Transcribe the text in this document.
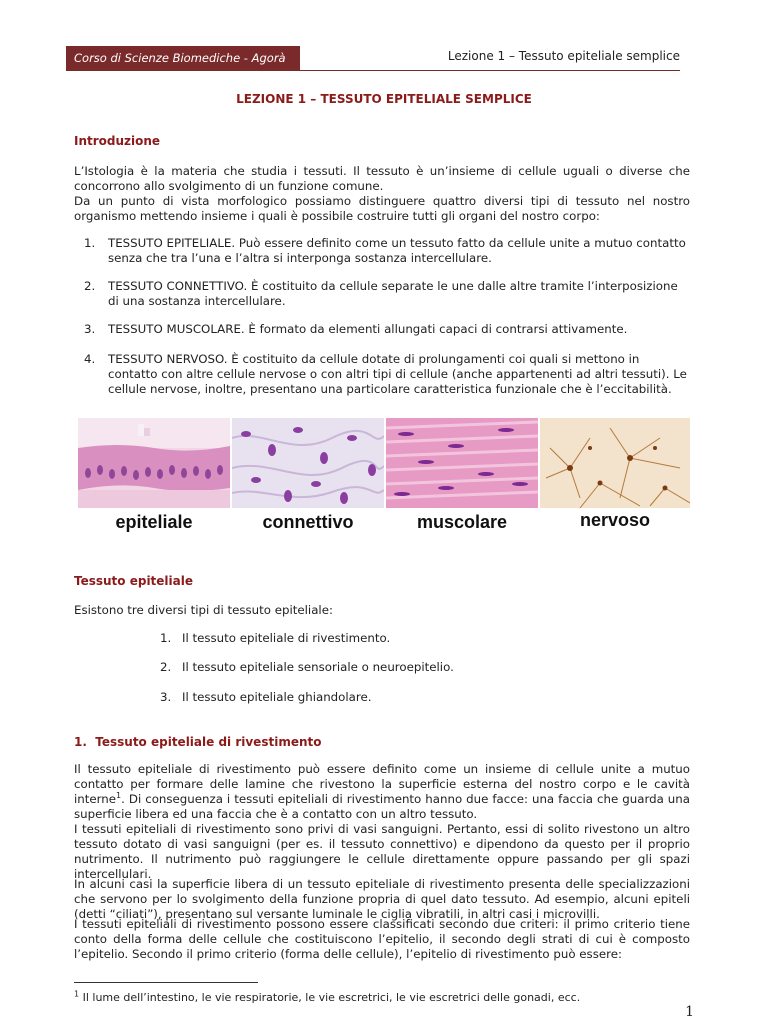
Corso di Scienze Biomediche - Agorà	Lezione 1 – Tessuto epiteliale semplice
LEZIONE 1 – TESSUTO EPITELIALE SEMPLICE
Introduzione

L’Istologia è la materia che studia i tessuti. Il tessuto è un’insieme di cellule uguali o diverse che concorrono allo svolgimento di un funzione comune.

Da un punto di vista morfologico possiamo distinguere quattro diversi tipi di tessuto nel nostro organismo mettendo insieme i quali è possibile costruire tutti gli organi del nostro corpo:

1.	TESSUTO EPITELIALE. Può essere definito come un tessuto fatto da cellule unite a mutuo contatto senza che tra l’una e l’altra si interponga sostanza intercellulare.
2.	TESSUTO CONNETTIVO. È costituito da cellule separate le une dalle altre tramite l’interposizione di una sostanza intercellulare.
3.	TESSUTO MUSCOLARE. È formato da elementi allungati capaci di contrarsi attivamente.
4.	TESSUTO NERVOSO. È costituito da cellule dotate di prolungamenti coi quali si mettono in contatto con altre cellule nervose o con altri tipi di cellule (anche appartenenti ad altri tessuti). Le cellule nervose, inoltre, presentano una particolare caratteristica funzionale che è l’eccitabilità.
epiteliale	connettivo	muscolare	nervoso
Tessuto epiteliale

Esistono tre diversi tipi di tessuto epiteliale:

1. Il tessuto epiteliale di rivestimento.
2. Il tessuto epiteliale sensoriale o neuroepitelio.
3. Il tessuto epiteliale ghiandolare.
1.  Tessuto epiteliale di rivestimento

Il tessuto epiteliale di rivestimento può essere definito come un insieme di cellule unite a mutuo contatto per formare delle lamine che rivestono la superficie esterna del nostro corpo e le cavità interne$^1$. Di conseguenza i tessuti epiteliali di rivestimento hanno due facce: una faccia che guarda una superficie libera ed una faccia che è a contatto con un altro tessuto.

I tessuti epiteliali di rivestimento sono privi di vasi sanguigni. Pertanto, essi di solito rivestono un altro tessuto dotato di vasi sanguigni (per es. il tessuto connettivo) e dipendono da questo per il proprio nutrimento. Il nutrimento può raggiungere le cellule direttamente oppure passando per gli spazi intercellulari.

In alcuni casi la superficie libera di un tessuto epiteliale di rivestimento presenta delle specializzazioni che servono per lo svolgimento della funzione propria di quel dato tessuto. Ad esempio, alcuni epiteli (detti “ciliati”), presentano sul versante luminale le ciglia vibratili, in altri casi i microvilli.

I tessuti epiteliali di rivestimento possono essere classificati secondo due criteri: il primo criterio tiene conto della forma delle cellule che costituiscono l’epitelio, il secondo degli strati di cui è composto l’epitelio. Secondo il primo criterio (forma delle cellule), l’epitelio di rivestimento può essere:

$^1$ Il lume dell’intestino, le vie respiratorie, le vie escretrici, le vie escretrici delle gonadi, ecc.
1
